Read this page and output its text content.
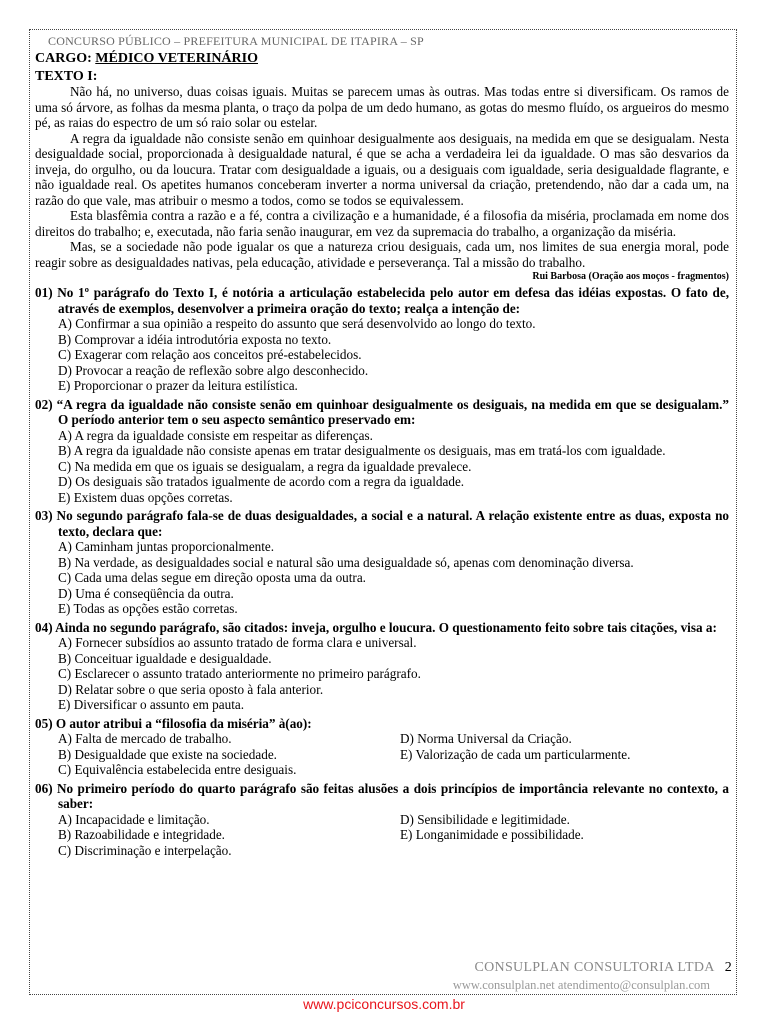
CONCURSO PÚBLICO – PREFEITURA MUNICIPAL DE ITAPIRA – SP
CARGO: MÉDICO VETERINÁRIO
TEXTO I:

Não há, no universo, duas coisas iguais. Muitas se parecem umas às outras. Mas todas entre si diversificam. Os ramos de uma só árvore, as folhas da mesma planta, o traço da polpa de um dedo humano, as gotas do mesmo fluído, os argueiros do mesmo pé, as raias do espectro de um só raio solar ou estelar.

A regra da igualdade não consiste senão em quinhoar desigualmente aos desiguais, na medida em que se desigualam. Nesta desigualdade social, proporcionada à desigualdade natural, é que se acha a verdadeira lei da igualdade. O mas são desvarios da inveja, do orgulho, ou da loucura. Tratar com desigualdade a iguais, ou a desiguais com igualdade, seria desigualdade flagrante, e não igualdade real. Os apetites humanos conceberam inverter a norma universal da criação, pretendendo, não dar a cada um, na razão do que vale, mas atribuir o mesmo a todos, como se todos se equivalessem.

Esta blasfêmia contra a razão e a fé, contra a civilização e a humanidade, é a filosofia da miséria, proclamada em nome dos direitos do trabalho; e, executada, não faria senão inaugurar, em vez da supremacia do trabalho, a organização da miséria.

Mas, se a sociedade não pode igualar os que a natureza criou desiguais, cada um, nos limites de sua energia moral, pode reagir sobre as desigualdades nativas, pela educação, atividade e perseverança. Tal a missão do trabalho.

Rui Barbosa (Oração aos moços - fragmentos)

01) No 1º parágrafo do Texto I, é notória a articulação estabelecida pelo autor em defesa das idéias expostas. O fato de, através de exemplos, desenvolver a primeira oração do texto; realça a intenção de:

A) Confirmar a sua opinião a respeito do assunto que será desenvolvido ao longo do texto.

B) Comprovar a idéia introdutória exposta no texto.

C) Exagerar com relação aos conceitos pré-estabelecidos.

D) Provocar a reação de reflexão sobre algo desconhecido.

E) Proporcionar o prazer da leitura estilística.

02) “A regra da igualdade não consiste senão em quinhoar desigualmente os desiguais, na medida em que se desigualam.” O período anterior tem o seu aspecto semântico preservado em:

A) A regra da igualdade consiste em respeitar as diferenças.

B) A regra da igualdade não consiste apenas em tratar desigualmente os desiguais, mas em tratá-los com igualdade.

C) Na medida em que os iguais se desigualam, a regra da igualdade prevalece.

D) Os desiguais são tratados igualmente de acordo com a regra da igualdade.

E) Existem duas opções corretas.

03) No segundo parágrafo fala-se de duas desigualdades, a social e a natural. A relação existente entre as duas, exposta no texto, declara que:

A) Caminham juntas proporcionalmente.

B) Na verdade, as desigualdades social e natural são uma desigualdade só, apenas com denominação diversa.

C) Cada uma delas segue em direção oposta uma da outra.

D) Uma é conseqüência da outra.

E) Todas as opções estão corretas.

04) Ainda no segundo parágrafo, são citados: inveja, orgulho e loucura. O questionamento feito sobre tais citações, visa a:

A) Fornecer subsídios ao assunto tratado de forma clara e universal.

B) Conceituar igualdade e desigualdade.

C) Esclarecer o assunto tratado anteriormente no primeiro parágrafo.

D) Relatar sobre o que seria oposto à fala anterior.

E) Diversificar o assunto em pauta.

05) O autor atribui a “filosofia da miséria” à(ao):

A) Falta de mercado de trabalho.	D) Norma Universal da Criação.
B) Desigualdade que existe na sociedade.	E) Valorização de cada um particularmente.
C) Equivalência estabelecida entre desiguais.

06) No primeiro período do quarto parágrafo são feitas alusões a dois princípios de importância relevante no contexto, a saber:

A) Incapacidade e limitação.	D) Sensibilidade e legitimidade.
B) Razoabilidade e integridade.	E) Longanimidade e possibilidade.
C) Discriminação e interpelação.
CONSULPLAN CONSULTORIA LTDA 2
www.consulplan.net atendimento@consulplan.com
www.pciconcursos.com.br
